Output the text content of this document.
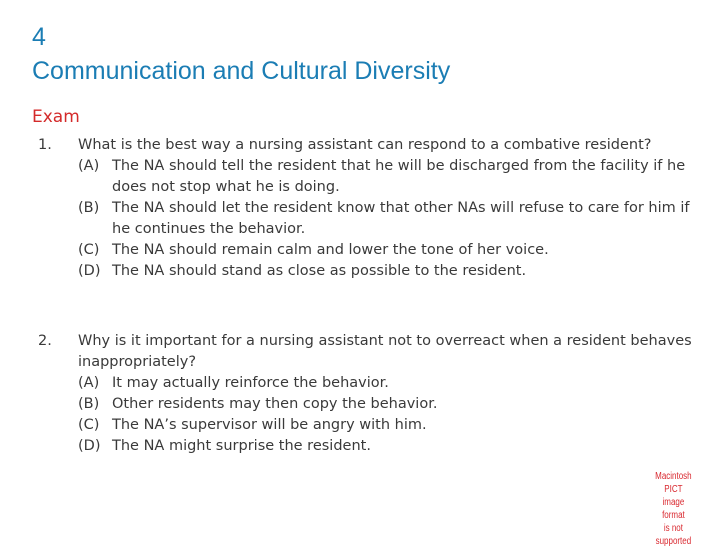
4
Communication and Cultural Diversity
Exam
1. What is the best way a nursing assistant can respond to a combative resident?
(A) The NA should tell the resident that he will be discharged from the facility if he does not stop what he is doing.
(B) The NA should let the resident know that other NAs will refuse to care for him if he continues the behavior.
(C) The NA should remain calm and lower the tone of her voice.
(D) The NA should stand as close as possible to the resident.
2. Why is it important for a nursing assistant not to overreact when a resident behaves inappropriately?
(A) It may actually reinforce the behavior.
(B) Other residents may then copy the behavior.
(C) The NA’s supervisor will be angry with him.
(D) The NA might surprise the resident.
Macintosh PICT
image format
is not supported
